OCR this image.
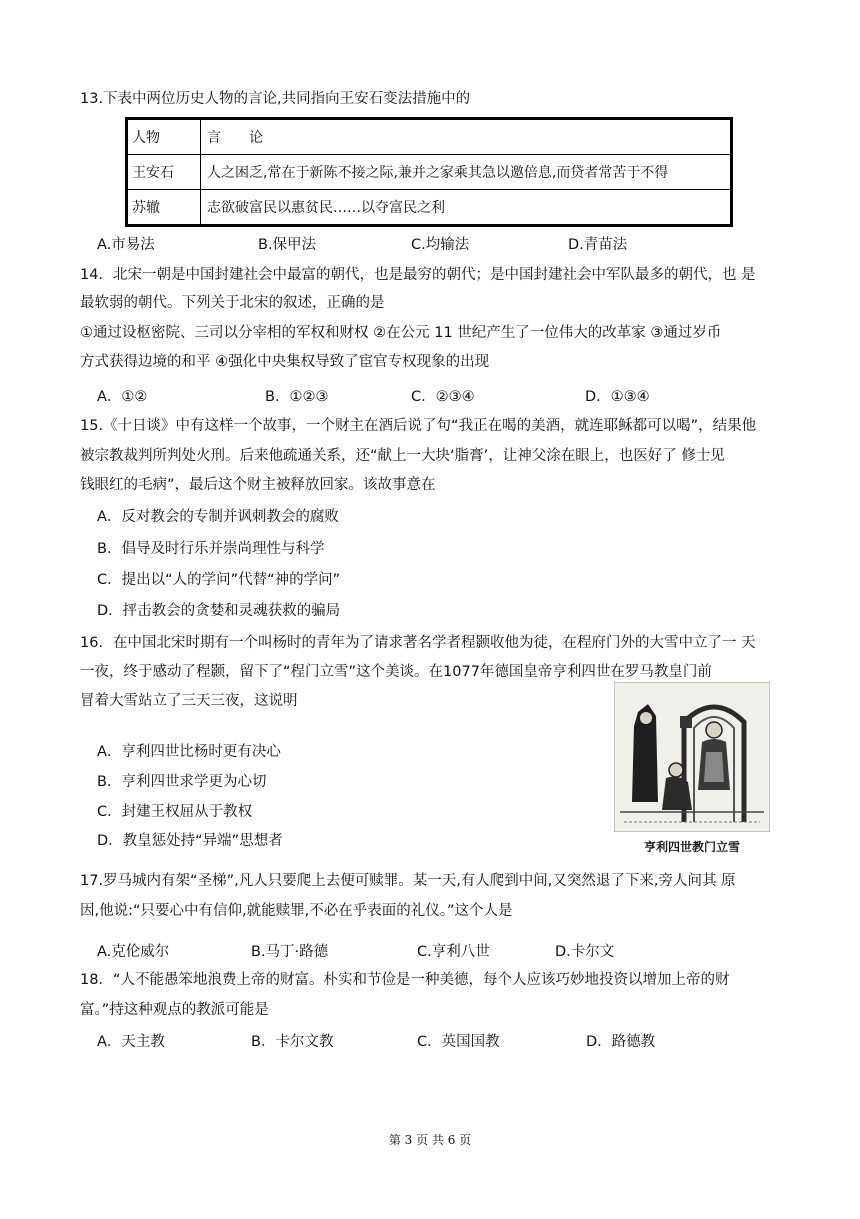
13.下表中两位历史人物的言论,共同指向王安石变法措施中的
人物	言　　论
王安石	人之困乏,常在于新陈不接之际,兼并之家乘其急以邀倍息,而贷者常苦于不得
苏辙	志欲破富民以惠贫民……以夺富民之利
A.市易法	B.保甲法	C.均输法	D.青苗法
14．北宋一朝是中国封建社会中最富的朝代，也是最穷的朝代；是中国封建社会中军队最多的朝代，也 是
最软弱的朝代。下列关于北宋的叙述，正确的是
①通过设枢密院、三司以分宰相的军权和财权 ②在公元 11 世纪产生了一位伟大的改革家 ③通过岁币
方式获得边境的和平 ④强化中央集权导致了宦官专权现象的出现
A．①②	B．①②③	C．②③④	D．①③④
15.《十日谈》中有这样一个故事，一个财主在酒后说了句“我正在喝的美酒，就连耶稣都可以喝”，结果他
被宗教裁判所判处火刑。后来他疏通关系，还“献上一大块‘脂膏’，让神父涂在眼上，也医好了 修士见
钱眼红的毛病”，最后这个财主被释放回家。该故事意在
A．反对教会的专制并讽刺教会的腐败
B．倡导及时行乐并崇尚理性与科学
C．提出以“人的学问”代替“神的学问”
D．抨击教会的贪婪和灵魂获救的骗局
16．在中国北宋时期有一个叫杨时的青年为了请求著名学者程颢收他为徒，在程府门外的大雪中立了一 天
一夜，终于感动了程颢，留下了“程门立雪”这个美谈。在1077年德国皇帝亨利四世在罗马教皇门前
冒着大雪站立了三天三夜，这说明
A．亨利四世比杨时更有决心
B．亨利四世求学更为心切
C．封建王权屈从于教权
D．教皇惩处持“异端”思想者	亨利四世教门立雪
17.罗马城内有架“圣梯”,凡人只要爬上去便可赎罪。某一天,有人爬到中间,又突然退了下来,旁人问其 原
因,他说:“只要心中有信仰,就能赎罪,不必在乎表面的礼仪。”这个人是
A.克伦威尔	B.马丁·路德	C.亨利八世	D.卡尔文
18．“人不能愚笨地浪费上帝的财富。朴实和节俭是一种美德，每个人应该巧妙地投资以增加上帝的财
富。”持这种观点的教派可能是
A．天主教	B．卡尔文教	C．英国国教	D．路德教
第 3 页 共 6 页
